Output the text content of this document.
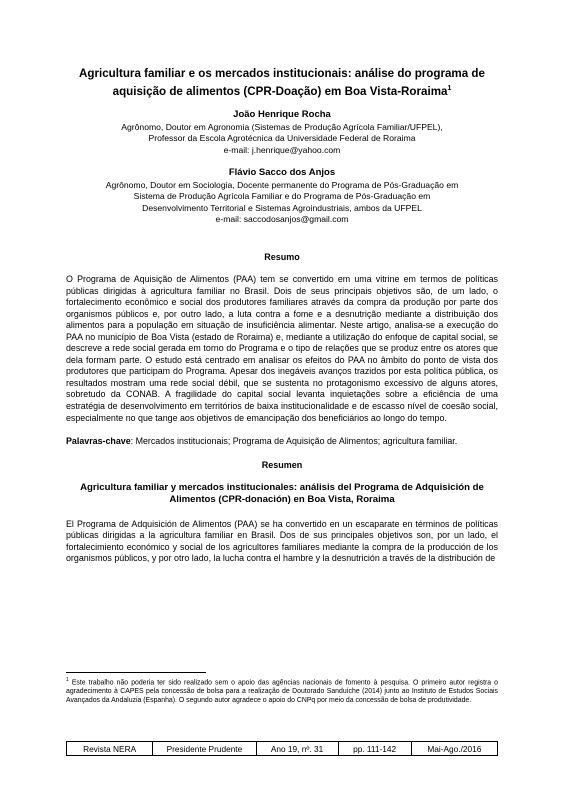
Agricultura familiar e os mercados institucionais: análise do programa de aquisição de alimentos (CPR-Doação) em Boa Vista-Roraima$^1$

João Henrique Rocha

Agrônomo, Doutor em Agronomia (Sistemas de Produção Agrícola Familiar/UFPEL),

Professor da Escola Agrotécnica da Universidade Federal de Roraima

e-mail: j.henrique@yahoo.com

Flávio Sacco dos Anjos

Agrônomo, Doutor em Sociologia, Docente permanente do Programa de Pós-Graduação em

Sistema de Produção Agrícola Familiar e do Programa de Pós-Graduação em

Desenvolvimento Territorial e Sistemas Agroindustriais, ambos da UFPEL

e-mail: saccodosanjos@gmail.com

Resumo

O Programa de Aquisição de Alimentos (PAA) tem se convertido em uma vitrine em termos de políticas públicas dirigidas à agricultura familiar no Brasil. Dois de seus principais objetivos são, de um lado, o fortalecimento econômico e social dos produtores familiares através da compra da produção por parte dos organismos públicos e, por outro lado, a luta contra a fome e a desnutrição mediante a distribuição dos alimentos para a população em situação de insuficiência alimentar. Neste artigo, analisa-se a execução do PAA no município de Boa Vista (estado de Roraima) e, mediante a utilização do enfoque de capital social, se descreve a rede social gerada em torno do Programa e o tipo de relações que se produz entre os atores que dela formam parte. O estudo está centrado em analisar os efeitos do PAA no âmbito do ponto de vista dos produtores que participam do Programa. Apesar dos inegáveis avanços trazidos por esta política pública, os resultados mostram uma rede social débil, que se sustenta no protagonismo excessivo de alguns atores, sobretudo da CONAB. A fragilidade do capital social levanta inquietações sobre a eficiência de uma estratégia de desenvolvimento em territórios de baixa institucionalidade e de escasso nível de coesão social, especialmente no que tange aos objetivos de emancipação dos beneficiários ao longo do tempo.

Palavras-chave: Mercados institucionais; Programa de Aquisição de Alimentos; agricultura familiar.

Resumen

Agricultura familiar y mercados institucionales: análisis del Programa de Adquisición de Alimentos (CPR-donación) en Boa Vista, Roraima

El Programa de Adquisición de Alimentos (PAA) se ha convertido en un escaparate en términos de políticas públicas dirigidas a la agricultura familiar en Brasil. Dos de sus principales objetivos son, por un lado, el fortalecimiento económico y social de los agricultores familiares mediante la compra de la producción de los organismos públicos, y por otro lado, la lucha contra el hambre y la desnutrición a través de la distribución de

$^1$ Este trabalho não poderia ter sido realizado sem o apoio das agências nacionais de fomento à pesquisa. O primeiro autor registra o agradecimento à CAPES pela concessão de bolsa para a realização de Doutorado Sanduíche (2014) junto ao Instituto de Estudos Sociais Avançados da Andaluzia (Espanha). O segundo autor agradece o apoio do CNPq por meio da concessão de bolsa de produtividade.

Revista NERA	Presidente Prudente	Ano 19, nº. 31	pp. 111-142	Mai-Ago./2016
